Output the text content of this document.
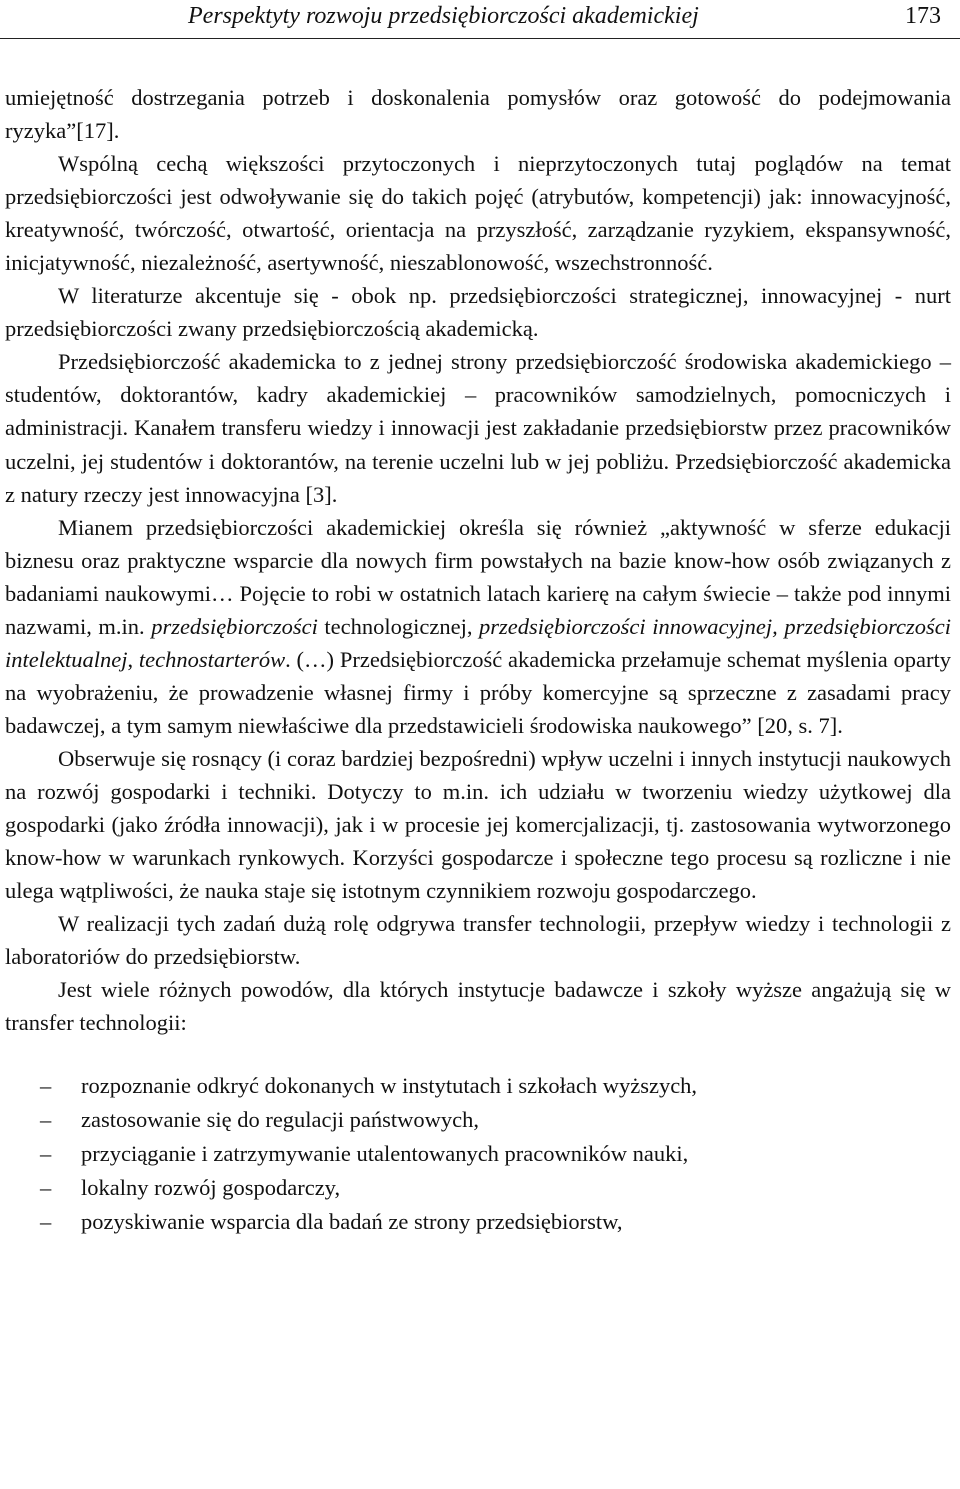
Perspektyty rozwoju przedsiębiorczości akademickiej	173

umiejętność dostrzegania potrzeb i doskonalenia pomysłów oraz gotowość do podejmowania ryzyka”[17].

Wspólną cechą większości przytoczonych i nieprzytoczonych tutaj poglądów na temat przedsiębiorczości jest odwoływanie się do takich pojęć (atrybutów, kompetencji) jak: innowacyjność, kreatywność, twórczość, otwartość, orientacja na przyszłość, zarządzanie ryzykiem, ekspansywność, inicjatywność, niezależność, asertywność, nieszablonowość, wszechstronność.

W literaturze akcentuje się - obok np. przedsiębiorczości strategicznej, innowacyjnej - nurt przedsiębiorczości zwany przedsiębiorczością akademicką.

Przedsiębiorczość akademicka to z jednej strony przedsiębiorczość środowiska akademickiego – studentów, doktorantów, kadry akademickiej – pracowników samodzielnych, pomocniczych i administracji. Kanałem transferu wiedzy i innowacji jest zakładanie przedsiębiorstw przez pracowników uczelni, jej studentów i doktorantów, na terenie uczelni lub w jej pobliżu. Przedsiębiorczość akademicka z natury rzeczy jest innowacyjna [3].

Mianem przedsiębiorczości akademickiej określa się również „aktywność w sferze edukacji biznesu oraz praktyczne wsparcie dla nowych firm powstałych na bazie know-how osób związanych z badaniami naukowymi… Pojęcie to robi w ostatnich latach karierę na całym świecie – także pod innymi nazwami, m.in. przedsiębiorczości technologicznej, przedsiębiorczości innowacyjnej, przedsiębiorczości intelektualnej, technostarterów. (…) Przedsiębiorczość akademicka przełamuje schemat myślenia oparty na wyobrażeniu, że prowadzenie własnej firmy i próby komercyjne są sprzeczne z zasadami pracy badawczej, a tym samym niewłaściwe dla przedstawicieli środowiska naukowego” [20, s. 7].

Obserwuje się rosnący (i coraz bardziej bezpośredni) wpływ uczelni i innych instytucji naukowych na rozwój gospodarki i techniki. Dotyczy to m.in. ich udziału w tworzeniu wiedzy użytkowej dla gospodarki (jako źródła innowacji), jak i w procesie jej komercjalizacji, tj. zastosowania wytworzonego know-how w warunkach rynkowych. Korzyści gospodarcze i społeczne tego procesu są rozliczne i nie ulega wątpliwości, że nauka staje się istotnym czynnikiem rozwoju gospodarczego.

W realizacji tych zadań dużą rolę odgrywa transfer technologii, przepływ wiedzy i technologii z laboratoriów do przedsiębiorstw.

Jest wiele różnych powodów, dla których instytucje badawcze i szkoły wyższe angażują się w transfer technologii:

– rozpoznanie odkryć dokonanych w instytutach i szkołach wyższych,
– zastosowanie się do regulacji państwowych,
– przyciąganie i zatrzymywanie utalentowanych pracowników nauki,
– lokalny rozwój gospodarczy,
– pozyskiwanie wsparcia dla badań ze strony przedsiębiorstw,
